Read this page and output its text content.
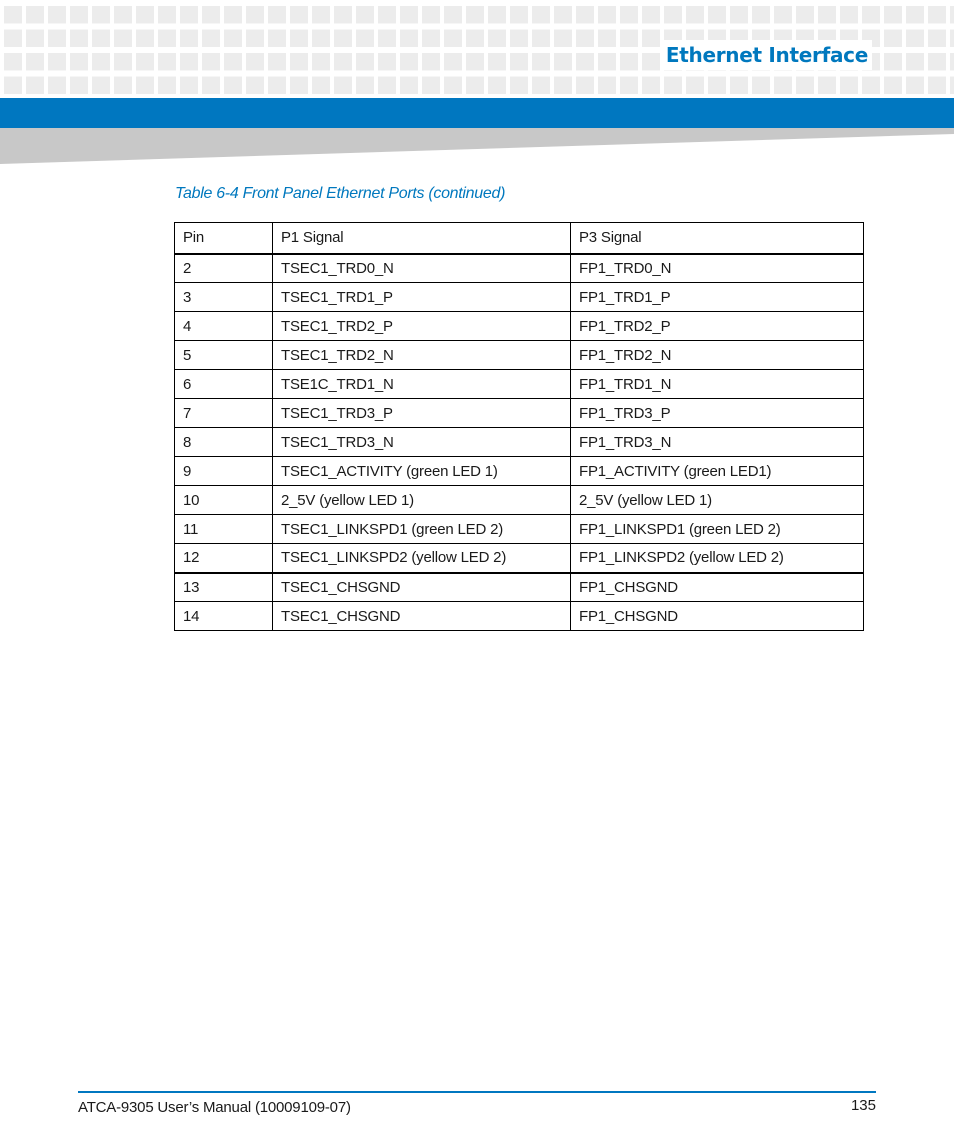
Ethernet Interface
Table 6-4 Front Panel Ethernet Ports (continued)
Pin	P1 Signal	P3 Signal
2	TSEC1_TRD0_N	FP1_TRD0_N
3	TSEC1_TRD1_P	FP1_TRD1_P
4	TSEC1_TRD2_P	FP1_TRD2_P
5	TSEC1_TRD2_N	FP1_TRD2_N
6	TSE1C_TRD1_N	FP1_TRD1_N
7	TSEC1_TRD3_P	FP1_TRD3_P
8	TSEC1_TRD3_N	FP1_TRD3_N
9	TSEC1_ACTIVITY (green LED 1)	FP1_ACTIVITY (green LED1)
10	2_5V (yellow LED 1)	2_5V (yellow LED 1)
11	TSEC1_LINKSPD1 (green LED 2)	FP1_LINKSPD1 (green LED 2)
12	TSEC1_LINKSPD2 (yellow LED 2)	FP1_LINKSPD2 (yellow LED 2)
13	TSEC1_CHSGND	FP1_CHSGND
14	TSEC1_CHSGND	FP1_CHSGND
ATCA-9305 User’s Manual (10009109-07)	135
